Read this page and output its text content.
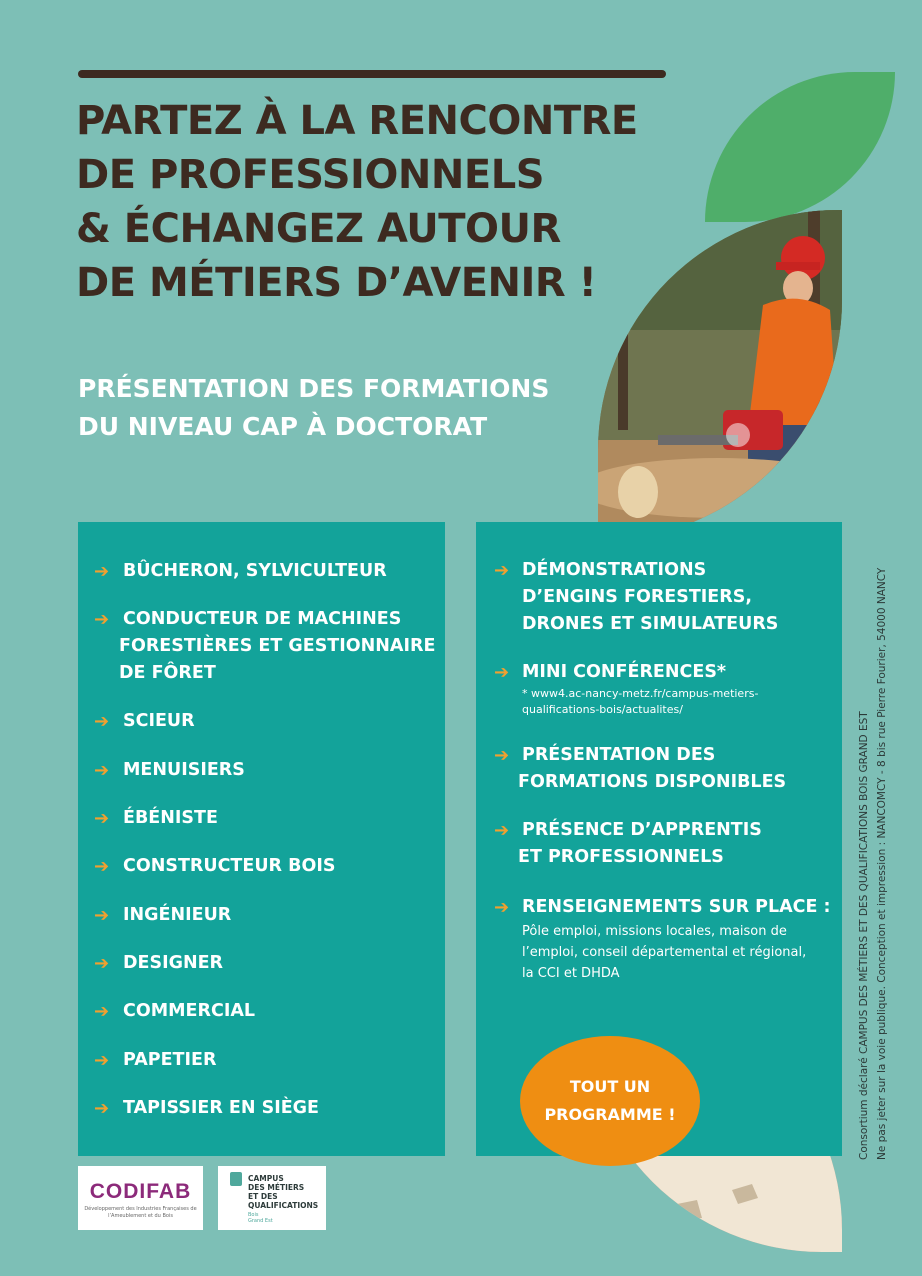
PARTEZ À LA RENCONTRE
DE PROFESSIONNELS
& ÉCHANGEZ AUTOUR
DE MÉTIERS D’AVENIR !
PRÉSENTATION DES FORMATIONS
DU NIVEAU CAP À DOCTORAT
➔ BÛCHERON, SYLVICULTEUR
➔ CONDUCTEUR DE MACHINES
FORESTIÈRES ET GESTIONNAIRE
DE FÔRET
➔ SCIEUR
➔ MENUISIERS
➔ ÉBÉNISTE
➔ CONSTRUCTEUR BOIS
➔ INGÉNIEUR
➔ DESIGNER
➔ COMMERCIAL
➔ PAPETIER
➔ TAPISSIER EN SIÈGE
➔ DÉMONSTRATIONS
D’ENGINS FORESTIERS,
DRONES ET SIMULATEURS
➔ MINI CONFÉRENCES*
* www4.ac-nancy-metz.fr/campus-metiers-
qualifications-bois/actualites/
➔ PRÉSENTATION DES
FORMATIONS DISPONIBLES
➔ PRÉSENCE D’APPRENTIS
ET PROFESSIONNELS
➔ RENSEIGNEMENTS SUR PLACE :
Pôle emploi, missions locales, maison de
l’emploi, conseil départemental et régional,
la CCI et DHDA
TOUT UN
PROGRAMME !
CODIFAB
Développement des Industries Françaises de l’Ameublement et du Bois
CAMPUS
DES MÉTIERS
ET DES
QUALIFICATIONS
Bois
Grand Est
Consortium déclaré CAMPUS DES MÉTIERS ET DES QUALIFICATIONS BOIS GRAND EST Ne pas jeter sur la voie publique. Conception et impression : NANCOMCY - 8 bis rue Pierre Fourier, 54000 NANCY
